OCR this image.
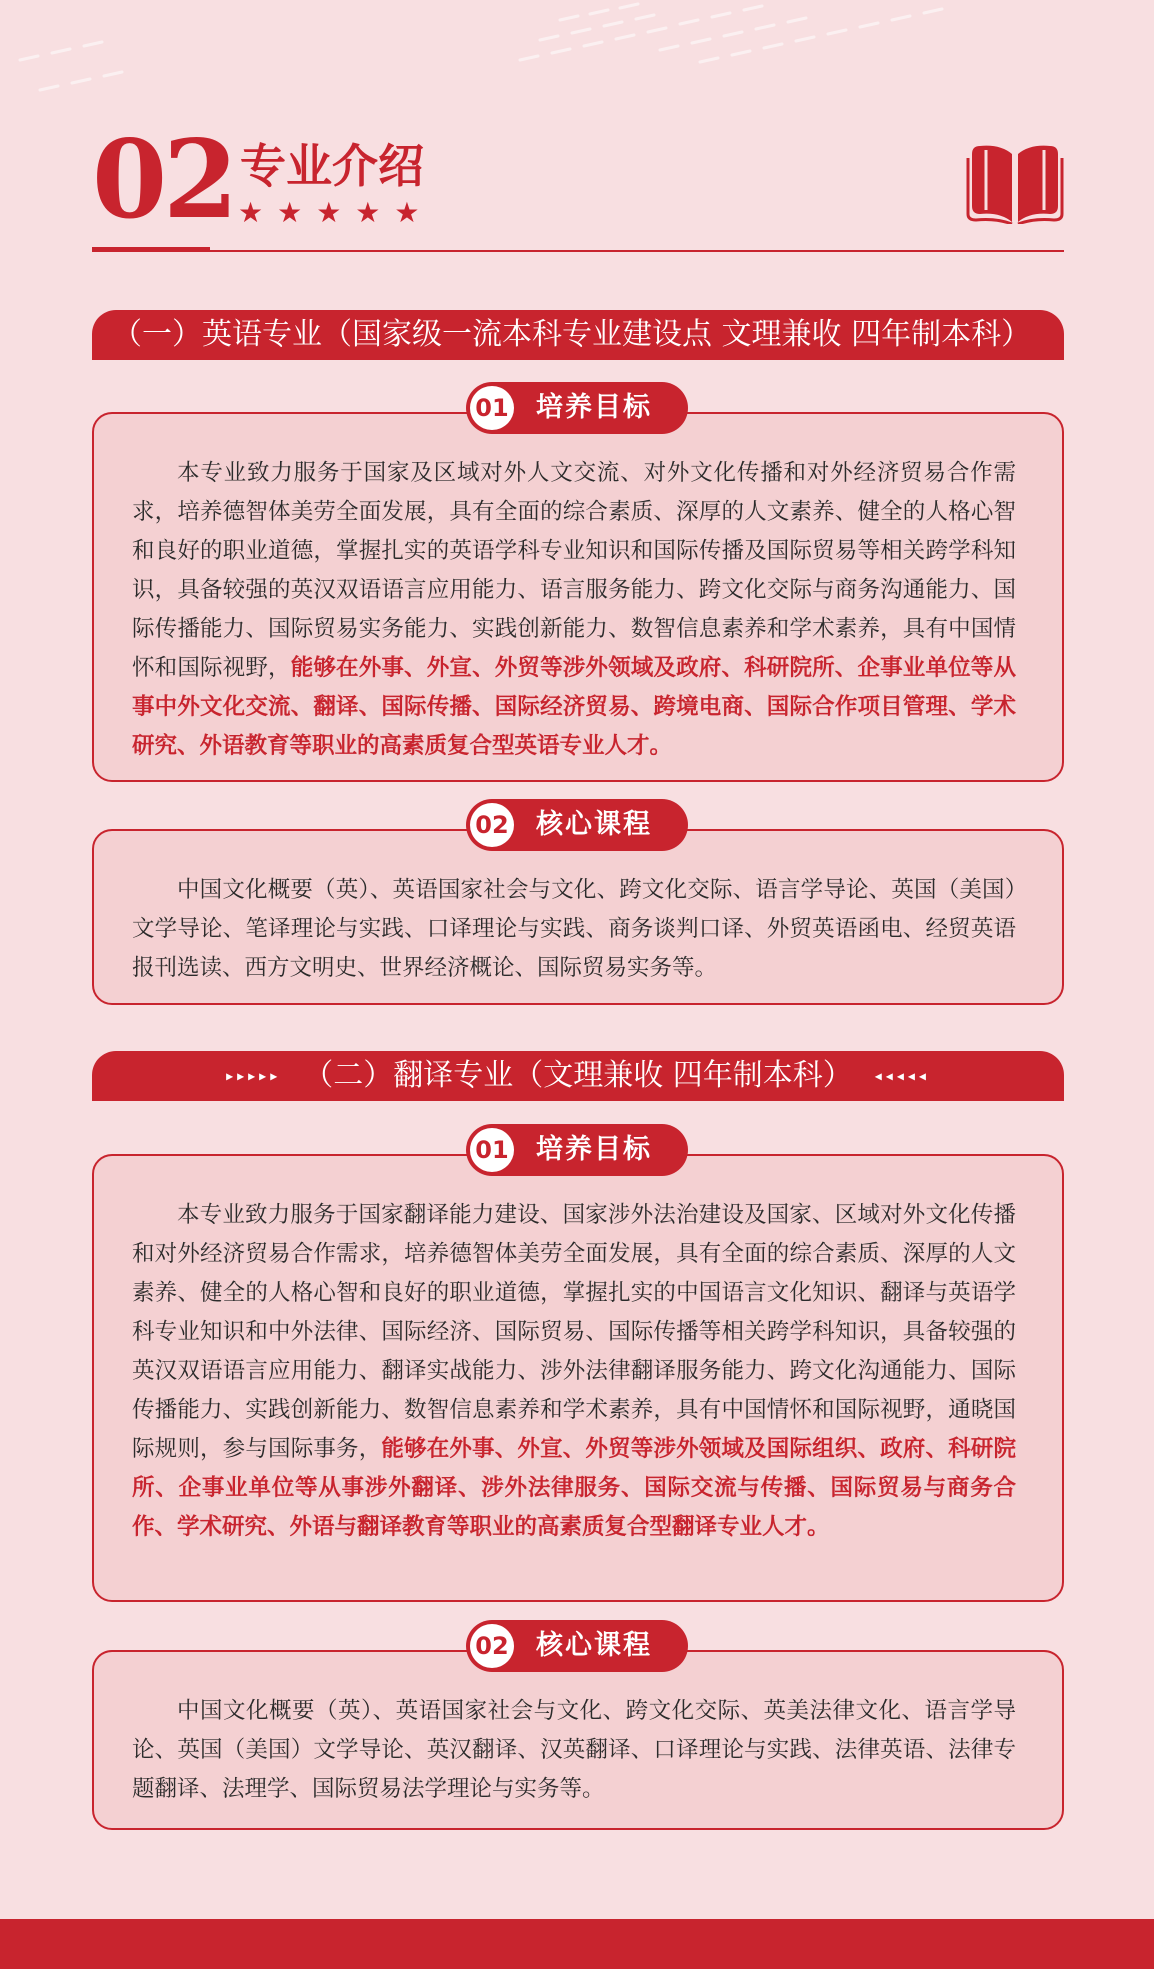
02 专业介绍
★★★★★
（一）英语专业（国家级一流本科专业建设点 文理兼收 四年制本科）
01 培养目标
本专业致力服务于国家及区域对外人文交流、对外文化传播和对外经济贸易合作需求，培养德智体美劳全面发展，具有全面的综合素质、深厚的人文素养、健全的人格心智和良好的职业道德，掌握扎实的英语学科专业知识和国际传播及国际贸易等相关跨学科知识，具备较强的英汉双语语言应用能力、语言服务能力、跨文化交际与商务沟通能力、国际传播能力、国际贸易实务能力、实践创新能力、数智信息素养和学术素养，具有中国情怀和国际视野，能够在外事、外宣、外贸等涉外领域及政府、科研院所、企事业单位等从事中外文化交流、翻译、国际传播、国际经济贸易、跨境电商、国际合作项目管理、学术研究、外语教育等职业的高素质复合型英语专业人才。
02 核心课程
中国文化概要（英）、英语国家社会与文化、跨文化交际、语言学导论、英国（美国）文学导论、笔译理论与实践、口译理论与实践、商务谈判口译、外贸英语函电、经贸英语报刊选读、西方文明史、世界经济概论、国际贸易实务等。
▸▸▸▸▸ （二）翻译专业（文理兼收 四年制本科） ◂◂◂◂◂
01 培养目标
本专业致力服务于国家翻译能力建设、国家涉外法治建设及国家、区域对外文化传播和对外经济贸易合作需求，培养德智体美劳全面发展，具有全面的综合素质、深厚的人文素养、健全的人格心智和良好的职业道德，掌握扎实的中国语言文化知识、翻译与英语学科专业知识和中外法律、国际经济、国际贸易、国际传播等相关跨学科知识，具备较强的英汉双语语言应用能力、翻译实战能力、涉外法律翻译服务能力、跨文化沟通能力、国际传播能力、实践创新能力、数智信息素养和学术素养，具有中国情怀和国际视野，通晓国际规则，参与国际事务，能够在外事、外宣、外贸等涉外领域及国际组织、政府、科研院所、企事业单位等从事涉外翻译、涉外法律服务、国际交流与传播、国际贸易与商务合作、学术研究、外语与翻译教育等职业的高素质复合型翻译专业人才。
02 核心课程
中国文化概要（英）、英语国家社会与文化、跨文化交际、英美法律文化、语言学导论、英国（美国）文学导论、英汉翻译、汉英翻译、口译理论与实践、法律英语、法律专题翻译、法理学、国际贸易法学理论与实务等。
